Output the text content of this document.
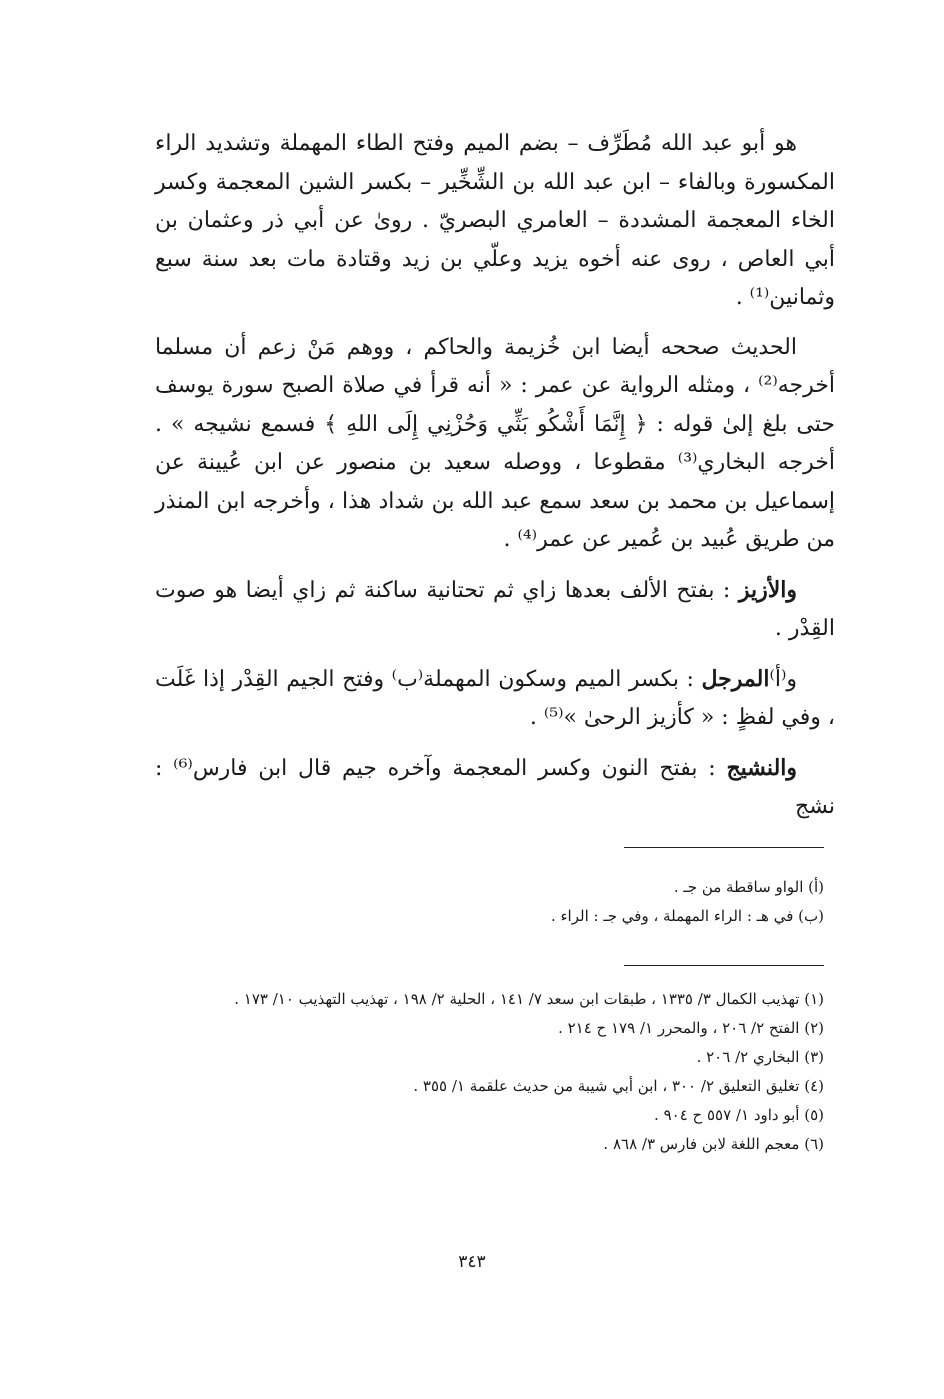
هو أبو عبد الله مُطَرِّف – بضم الميم وفتح الطاء المهملة وتشديد الراء المكسورة وبالفاء – ابن عبد الله بن الشِّخِّير – بكسر الشين المعجمة وكسر الخاء المعجمة المشددة – العامري البصريّ . روىٰ عن أبي ذر وعثمان بن أبي العاص ، روى عنه أخوه يزيد وعلّي بن زيد وقتادة مات بعد سنة سبع وثمانين⁽¹⁾ .

الحديث صححه أيضا ابن خُزيمة والحاكم ، ووهم مَنْ زعم أن مسلما أخرجه⁽²⁾ ، ومثله الرواية عن عمر : « أنه قرأ في صلاة الصبح سورة يوسف حتى بلغ إلىٰ قوله : ﴿ إِنَّمَا أَشْكُو بَثِّي وَحُزْنِي إِلَى اللهِ ﴾ فسمع نشيجه » . أخرجه البخاري⁽³⁾ مقطوعا ، ووصله سعيد بن منصور عن ابن عُيينة عن إسماعيل بن محمد بن سعد سمع عبد الله بن شداد هذا ، وأخرجه ابن المنذر من طريق عُبيد بن عُمير عن عمر⁽⁴⁾ .

والأزيز : بفتح الألف بعدها زاي ثم تحتانية ساكنة ثم زاي أيضا هو صوت القِدْر .

و⁽أ⁾المرجل : بكسر الميم وسكون المهملة⁽ب⁾ وفتح الجيم القِدْر إذا غَلَت ، وفي لفظٍ : « كأزيز الرحىٰ »⁽⁵⁾ .

والنشيج : بفتح النون وكسر المعجمة وآخره جيم قال ابن فارس⁽⁶⁾ : نشج

(أ) الواو ساقطة من جـ .
(ب) في هـ : الراء المهملة ، وفي جـ : الراء .
(١) تهذيب الكمال ٣/ ١٣٣٥ ، طبقات ابن سعد ٧/ ١٤١ ، الحلية ٢/ ١٩٨ ، تهذيب التهذيب ١٠/ ١٧٣ .
(٢) الفتح ٢/ ٢٠٦ ، والمحرر ١/ ١٧٩ ح ٢١٤ .
(٣) البخاري ٢/ ٢٠٦ .
(٤) تغليق التعليق ٢/ ٣٠٠ ، ابن أبي شيبة من حديث علقمة ١/ ٣٥٥ .
(٥) أبو داود ١/ ٥٥٧ ح ٩٠٤ .
(٦) معجم اللغة لابن فارس ٣/ ٨٦٨ .
٣٤٣
